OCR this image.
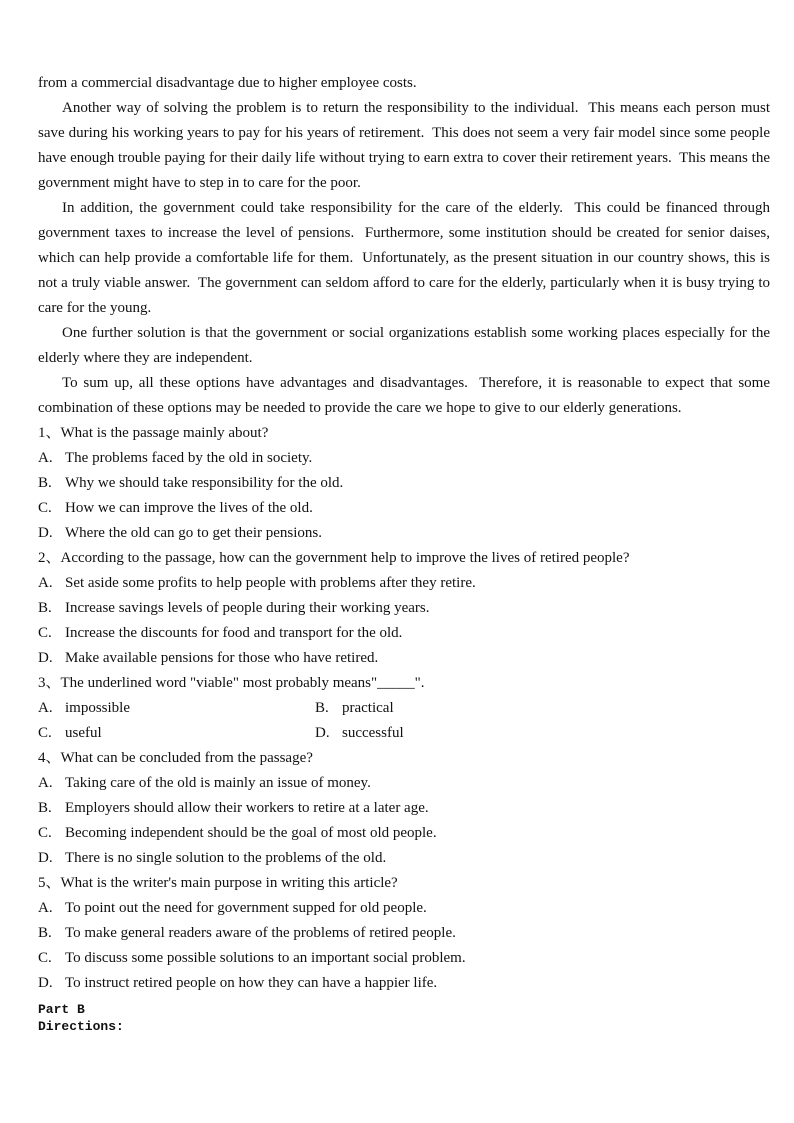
from a commercial disadvantage due to higher employee costs.

Another way of solving the problem is to return the responsibility to the individual.  This means each person must save during his working years to pay for his years of retirement.  This does not seem a very fair model since some people have enough trouble paying for their daily life without trying to earn extra to cover their retirement years.  This means the government might have to step in to care for the poor.

In addition, the government could take responsibility for the care of the elderly.  This could be financed through government taxes to increase the level of pensions.  Furthermore, some institution should be created for senior daises, which can help provide a comfortable life for them.  Unfortunately, as the present situation in our country shows, this is not a truly viable answer.  The government can seldom afford to care for the elderly, particularly when it is busy trying to care for the young.

One further solution is that the government or social organizations establish some working places especially for the elderly where they are independent.

To sum up, all these options have advantages and disadvantages.  Therefore, it is reasonable to expect that some combination of these options may be needed to provide the care we hope to give to our elderly generations.

1、What is the passage mainly about?
A. The problems faced by the old in society.
B. Why we should take responsibility for the old.
C. How we can improve the lives of the old.
D. Where the old can go to get their pensions.
2、According to the passage, how can the government help to improve the lives of retired people?
A. Set aside some profits to help people with problems after they retire.
B. Increase savings levels of people during their working years.
C. Increase the discounts for food and transport for the old.
D. Make available pensions for those who have retired.
3、The underlined word "viable" most probably means"_____".
A. impossible	B. practical
C. useful	D. successful
4、What can be concluded from the passage?
A. Taking care of the old is mainly an issue of money.
B. Employers should allow their workers to retire at a later age.
C. Becoming independent should be the goal of most old people.
D. There is no single solution to the problems of the old.
5、What is the writer's main purpose in writing this article?
A. To point out the need for government supped for old people.
B. To make general readers aware of the problems of retired people.
C. To discuss some possible solutions to an important social problem.
D. To instruct retired people on how they can have a happier life.
Part B
Directions:
